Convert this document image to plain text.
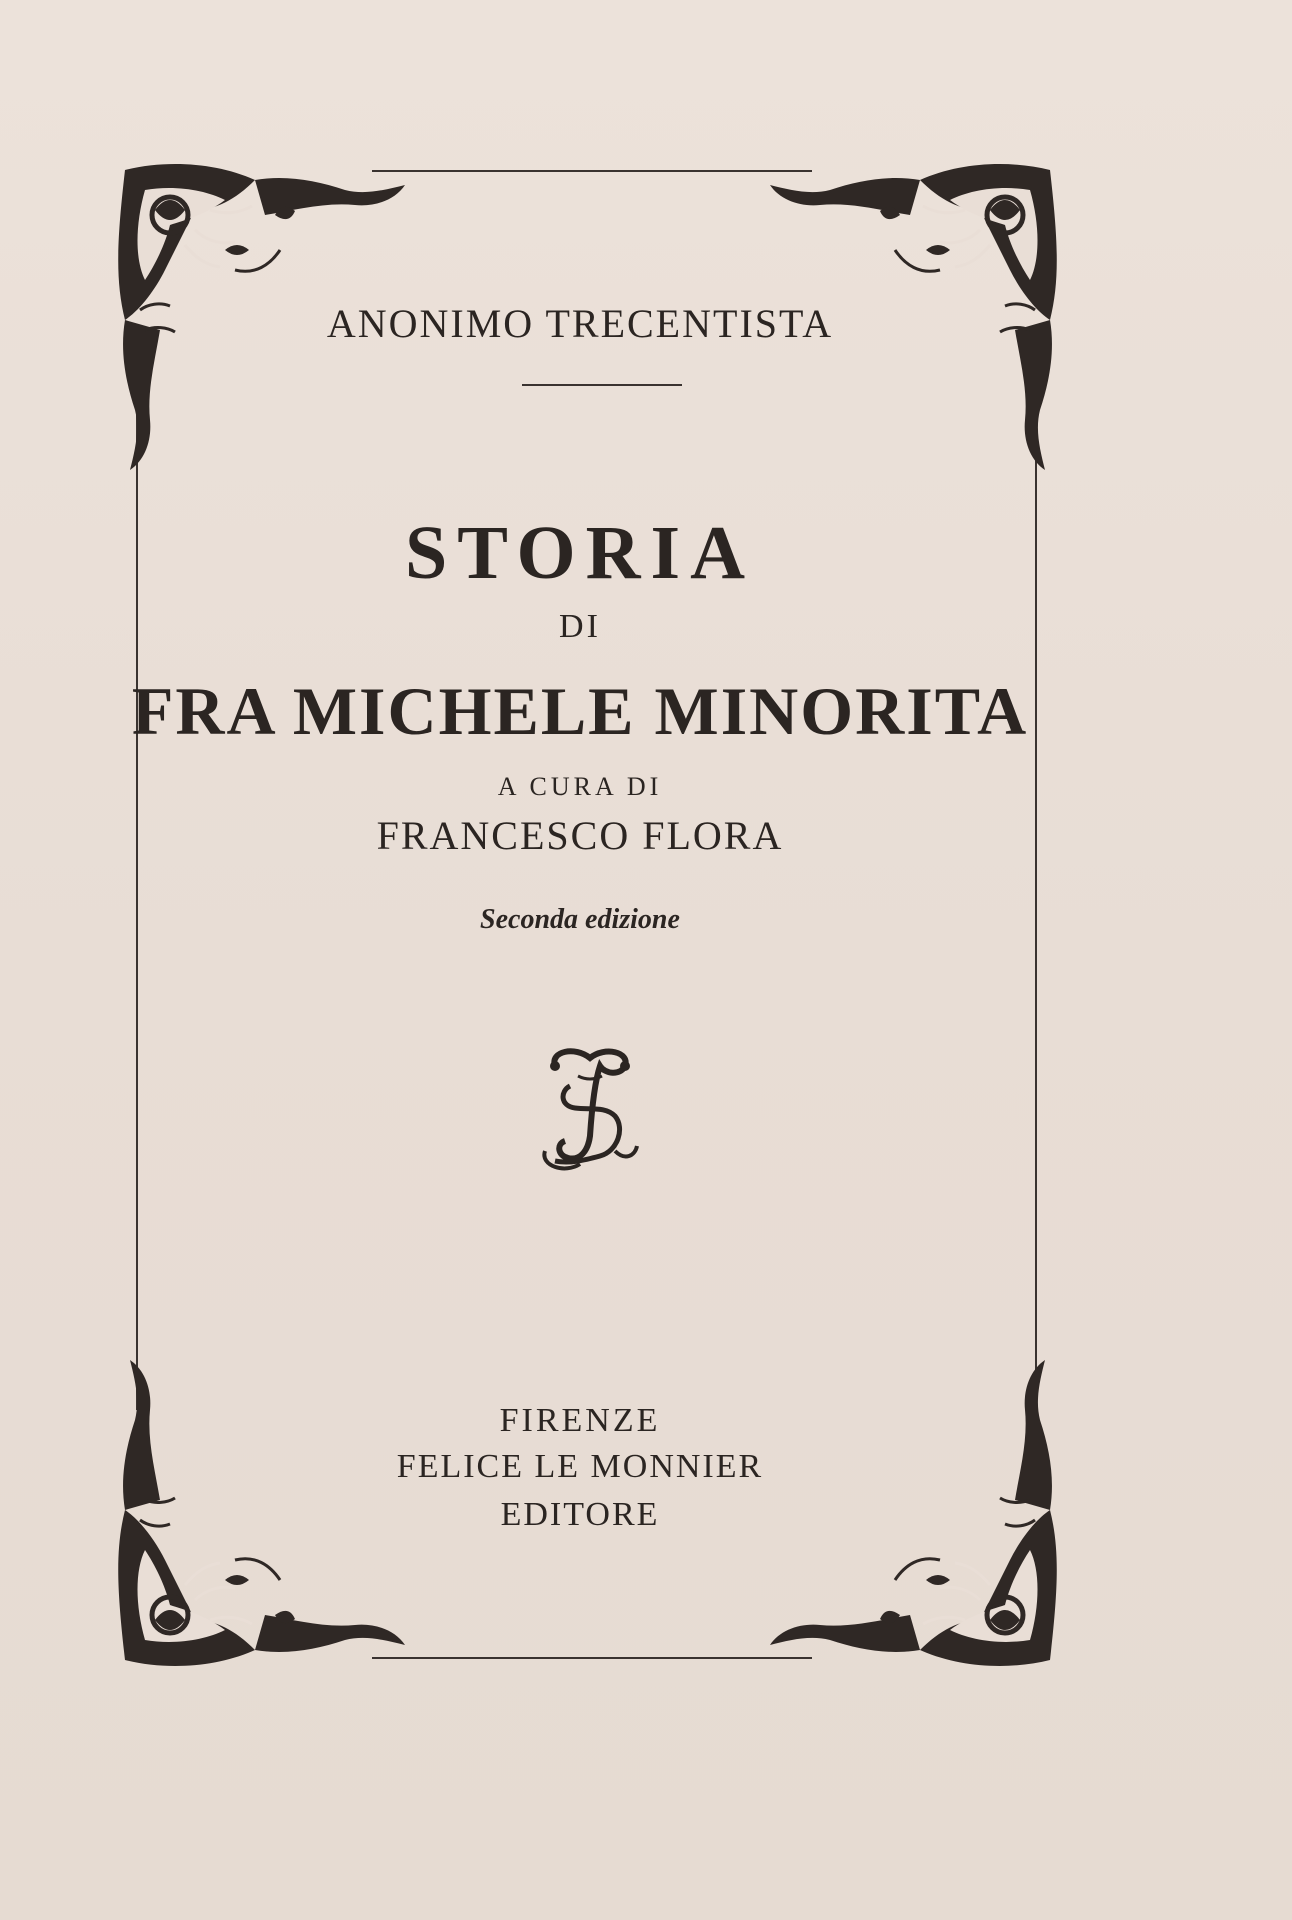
ANONIMO TRECENTISTA
STORIA
DI
FRA MICHELE MINORITA
A CURA DI
FRANCESCO FLORA
Seconda edizione
FIRENZE
FELICE LE MONNIER
EDITORE
